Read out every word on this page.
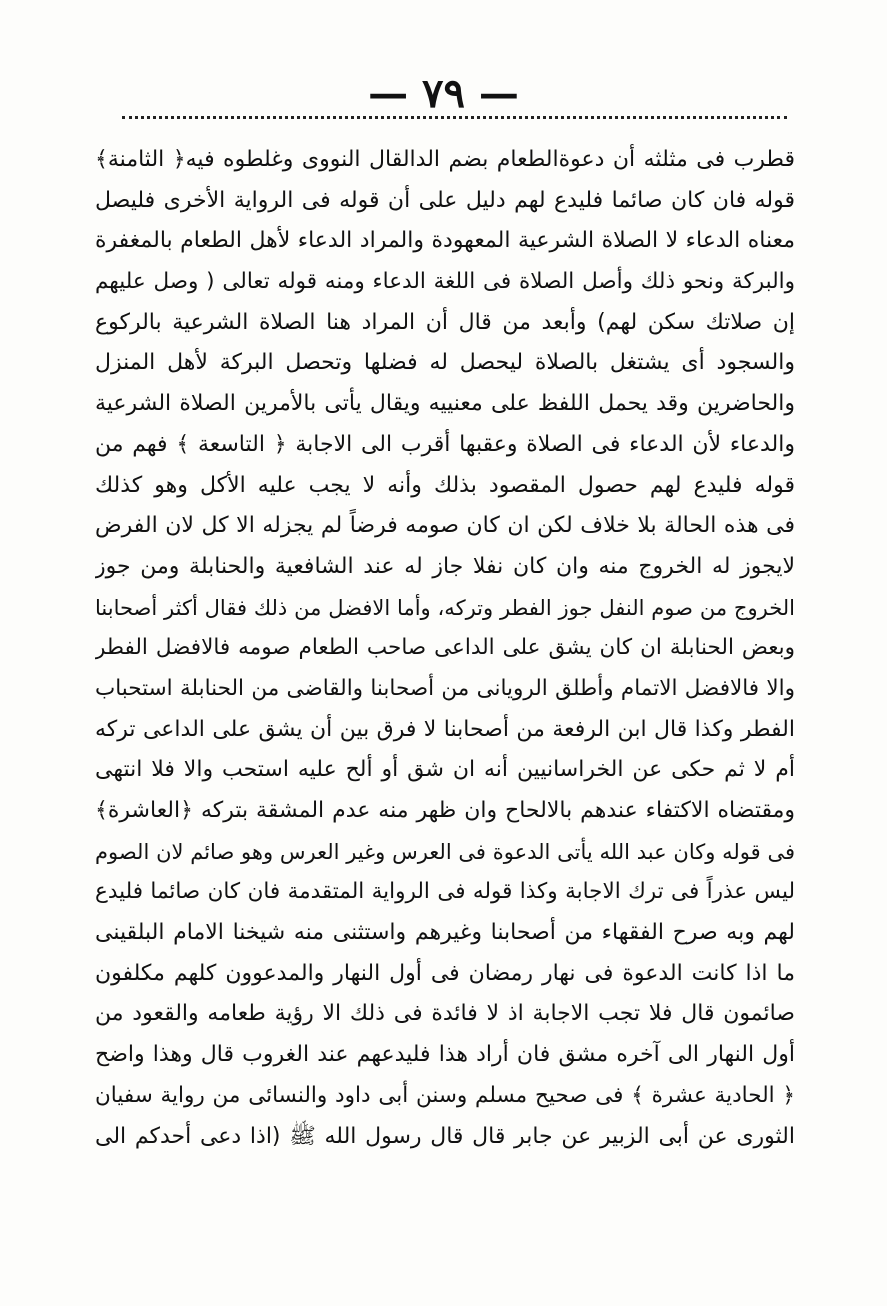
— ٧٩ —
قطرب فى مثلثه أن دعوةالطعام بضم الدالقال النووى وغلطوه فيه﴿ الثامنة﴾
قوله فان كان صائما فليدع لهم دليل على أن قوله فى الرواية الأخرى فليصل
معناه الدعاء لا الصلاة الشرعية المعهودة والمراد الدعاء لأهل الطعام بالمغفرة
والبركة ونحو ذلك وأصل الصلاة فى اللغة الدعاء ومنه قوله تعالى ( وصل عليهم
إن صلاتك سكن لهم) وأبعد من قال أن المراد هنا الصلاة الشرعية بالركوع
والسجود أى يشتغل بالصلاة ليحصل له فضلها وتحصل البركة لأهل المنزل
والحاضرين وقد يحمل اللفظ على معنييه ويقال يأتى بالأمرين الصلاة الشرعية
والدعاء لأن الدعاء فى الصلاة وعقبها أقرب الى الاجابة ﴿ التاسعة ﴾ فهم من
قوله فليدع لهم حصول المقصود بذلك وأنه لا يجب عليه الأكل وهو كذلك
فى هذه الحالة بلا خلاف لكن ان كان صومه فرضاً لم يجزله الا كل لان الفرض
لايجوز له الخروج منه وان كان نفلا جاز له عند الشافعية والحنابلة ومن جوز
الخروج من صوم النفل جوز الفطر وتركه، وأما الافضل من ذلك فقال أكثر أصحابنا
وبعض الحنابلة ان كان يشق على الداعى صاحب الطعام صومه فالافضل الفطر
والا فالافضل الاتمام وأطلق الرويانى من أصحابنا والقاضى من الحنابلة استحباب
الفطر وكذا قال ابن الرفعة من أصحابنا لا فرق بين أن يشق على الداعى تركه
أم لا ثم حكى عن الخراسانيين أنه ان شق أو ألح عليه استحب والا فلا انتهى
ومقتضاه الاكتفاء عندهم بالالحاح وان ظهر منه عدم المشقة بتركه ﴿العاشرة﴾
فى قوله وكان عبد الله يأتى الدعوة فى العرس وغير العرس وهو صائم لان الصوم
ليس عذراً فى ترك الاجابة وكذا قوله فى الرواية المتقدمة فان كان صائما فليدع
لهم وبه صرح الفقهاء من أصحابنا وغيرهم واستثنى منه شيخنا الامام البلقينى
ما اذا كانت الدعوة فى نهار رمضان فى أول النهار والمدعوون كلهم مكلفون
صائمون قال فلا تجب الاجابة اذ لا فائدة فى ذلك الا رؤية طعامه والقعود من
أول النهار الى آخره مشق فان أراد هذا فليدعهم عند الغروب قال وهذا واضح
﴿ الحادية عشرة ﴾ فى صحيح مسلم وسنن أبى داود والنسائى من رواية سفيان
الثورى عن أبى الزبير عن جابر قال قال رسول الله ﷺ (اذا دعى أحدكم الى
